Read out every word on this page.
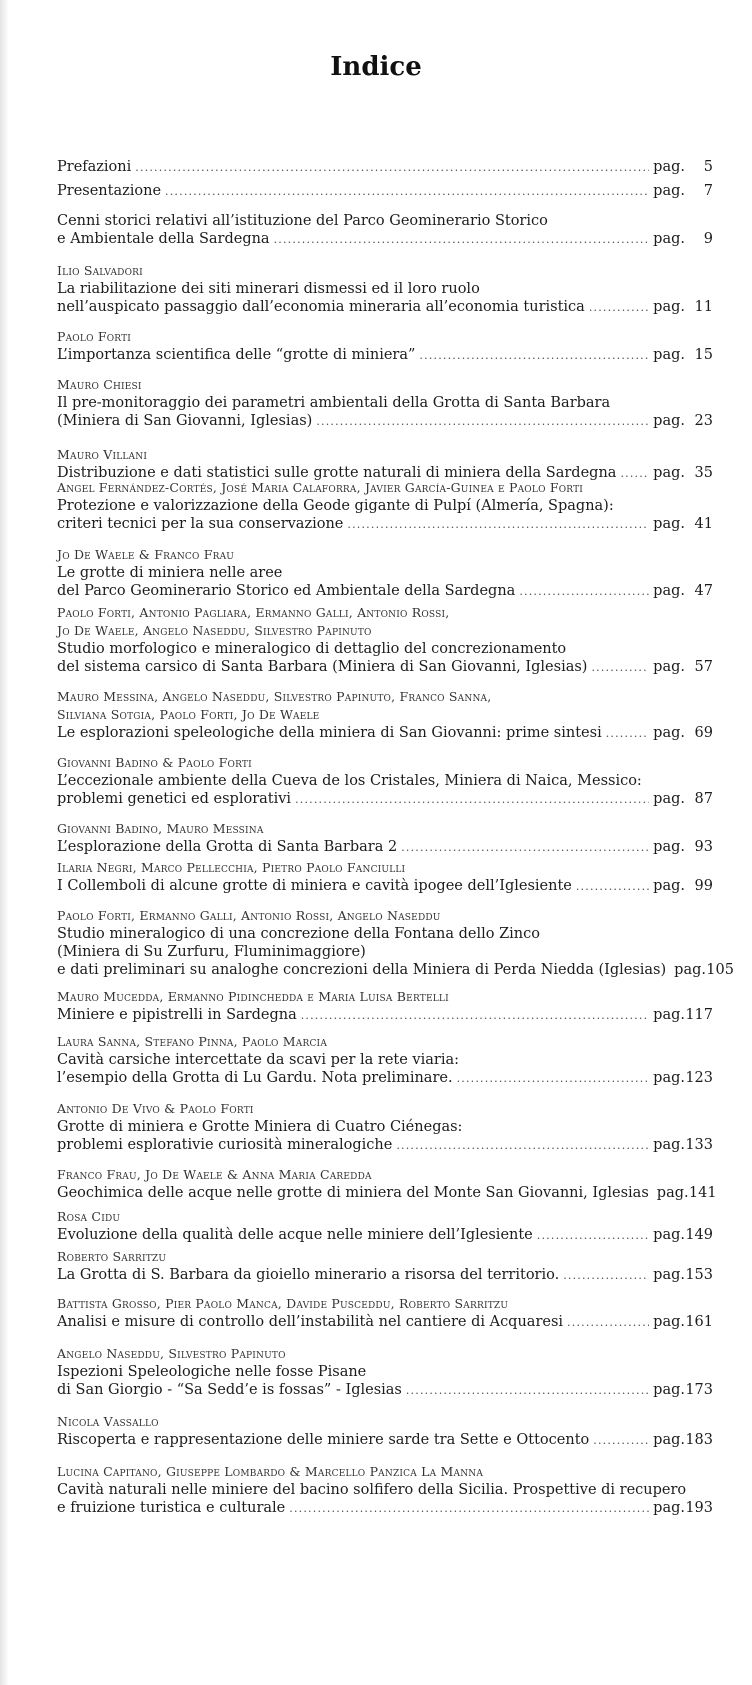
Indice
Prefazioni .....	pag. 5
Presentazione .....	pag. 7
Cenni storici relativi all’istituzione del Parco Geominerario Storico
e Ambientale della Sardegna .....	pag. 9
Ilio Salvadori
La riabilitazione dei siti minerari dismessi ed il loro ruolo
nell’auspicato passaggio dall’economia mineraria all’economia turistica .....	pag. 11
Paolo Forti
L’importanza scientifica delle “grotte di miniera” .....	pag. 15
Mauro Chiesi
Il pre-monitoraggio dei parametri ambientali della Grotta di Santa Barbara
(Miniera di San Giovanni, Iglesias) .....	pag. 23
Mauro Villani
Distribuzione e dati statistici sulle grotte naturali di miniera della Sardegna .....	pag. 35
Angel Fernández-Cortés, José Maria Calaforra, Javier García-Guinea e Paolo Forti
Protezione e valorizzazione della Geode gigante di Pulpí (Almería, Spagna):
criteri tecnici per la sua conservazione .....	pag. 41
Jo De Waele & Franco Frau
Le grotte di miniera nelle aree
del Parco Geominerario Storico ed Ambientale della Sardegna .....	pag. 47
Paolo Forti, Antonio Pagliara, Ermanno Galli, Antonio Rossi,
Jo De Waele, Angelo Naseddu, Silvestro Papinuto
Studio morfologico e mineralogico di dettaglio del concrezionamento
del sistema carsico di Santa Barbara (Miniera di San Giovanni, Iglesias) .....	pag. 57
Mauro Messina, Angelo Naseddu, Silvestro Papinuto, Franco Sanna,
Silviana Sotgia, Paolo Forti, Jo De Waele
Le esplorazioni speleologiche della miniera di San Giovanni: prime sintesi .....	pag. 69
Giovanni Badino & Paolo Forti
L’eccezionale ambiente della Cueva de los Cristales, Miniera di Naica, Messico:
problemi genetici ed esplorativi .....	pag. 87
Giovanni Badino, Mauro Messina
L’esplorazione della Grotta di Santa Barbara 2 .....	pag. 93
Ilaria Negri, Marco Pellecchia, Pietro Paolo Fanciulli
I Collemboli di alcune grotte di miniera e cavità ipogee dell’Iglesiente .....	pag. 99
Paolo Forti, Ermanno Galli, Antonio Rossi, Angelo Naseddu
Studio mineralogico di una concrezione della Fontana dello Zinco
(Miniera di Su Zurfuru, Fluminimaggiore)
e dati preliminari su analoghe concrezioni della Miniera di Perda Niedda (Iglesias) pag.105
Mauro Mucedda, Ermanno Pidinchedda e Maria Luisa Bertelli
Miniere e pipistrelli in Sardegna .....	pag.117
Laura Sanna, Stefano Pinna, Paolo Marcia
Cavità carsiche intercettate da scavi per la rete viaria:
l’esempio della Grotta di Lu Gardu. Nota preliminare. .....	pag.123
Antonio De Vivo & Paolo Forti
Grotte di miniera e Grotte Miniera di Cuatro Ciénegas:
problemi esplorativie curiosità mineralogiche .....	pag.133
Franco Frau, Jo De Waele & Anna Maria Caredda
Geochimica delle acque nelle grotte di miniera del Monte San Giovanni, Iglesias pag.141
Rosa Cidu
Evoluzione della qualità delle acque nelle miniere dell’Iglesiente .....	pag.149
Roberto Sarritzu
La Grotta di S. Barbara da gioiello minerario a risorsa del territorio. .....	pag.153
Battista Grosso, Pier Paolo Manca, Davide Pusceddu, Roberto Sarritzu
Analisi e misure di controllo dell’instabilità nel cantiere di Acquaresi .....	pag.161
Angelo Naseddu, Silvestro Papinuto
Ispezioni Speleologiche nelle fosse Pisane
di San Giorgio - “Sa Sedd’e is fossas” - Iglesias .....	pag.173
Nicola Vassallo
Riscoperta e rappresentazione delle miniere sarde tra Sette e Ottocento .....	pag.183
Lucina Capitano, Giuseppe Lombardo & Marcello Panzica La Manna
Cavità naturali nelle miniere del bacino solfifero della Sicilia. Prospettive di recupero
e fruizione turistica e culturale .....	pag.193
